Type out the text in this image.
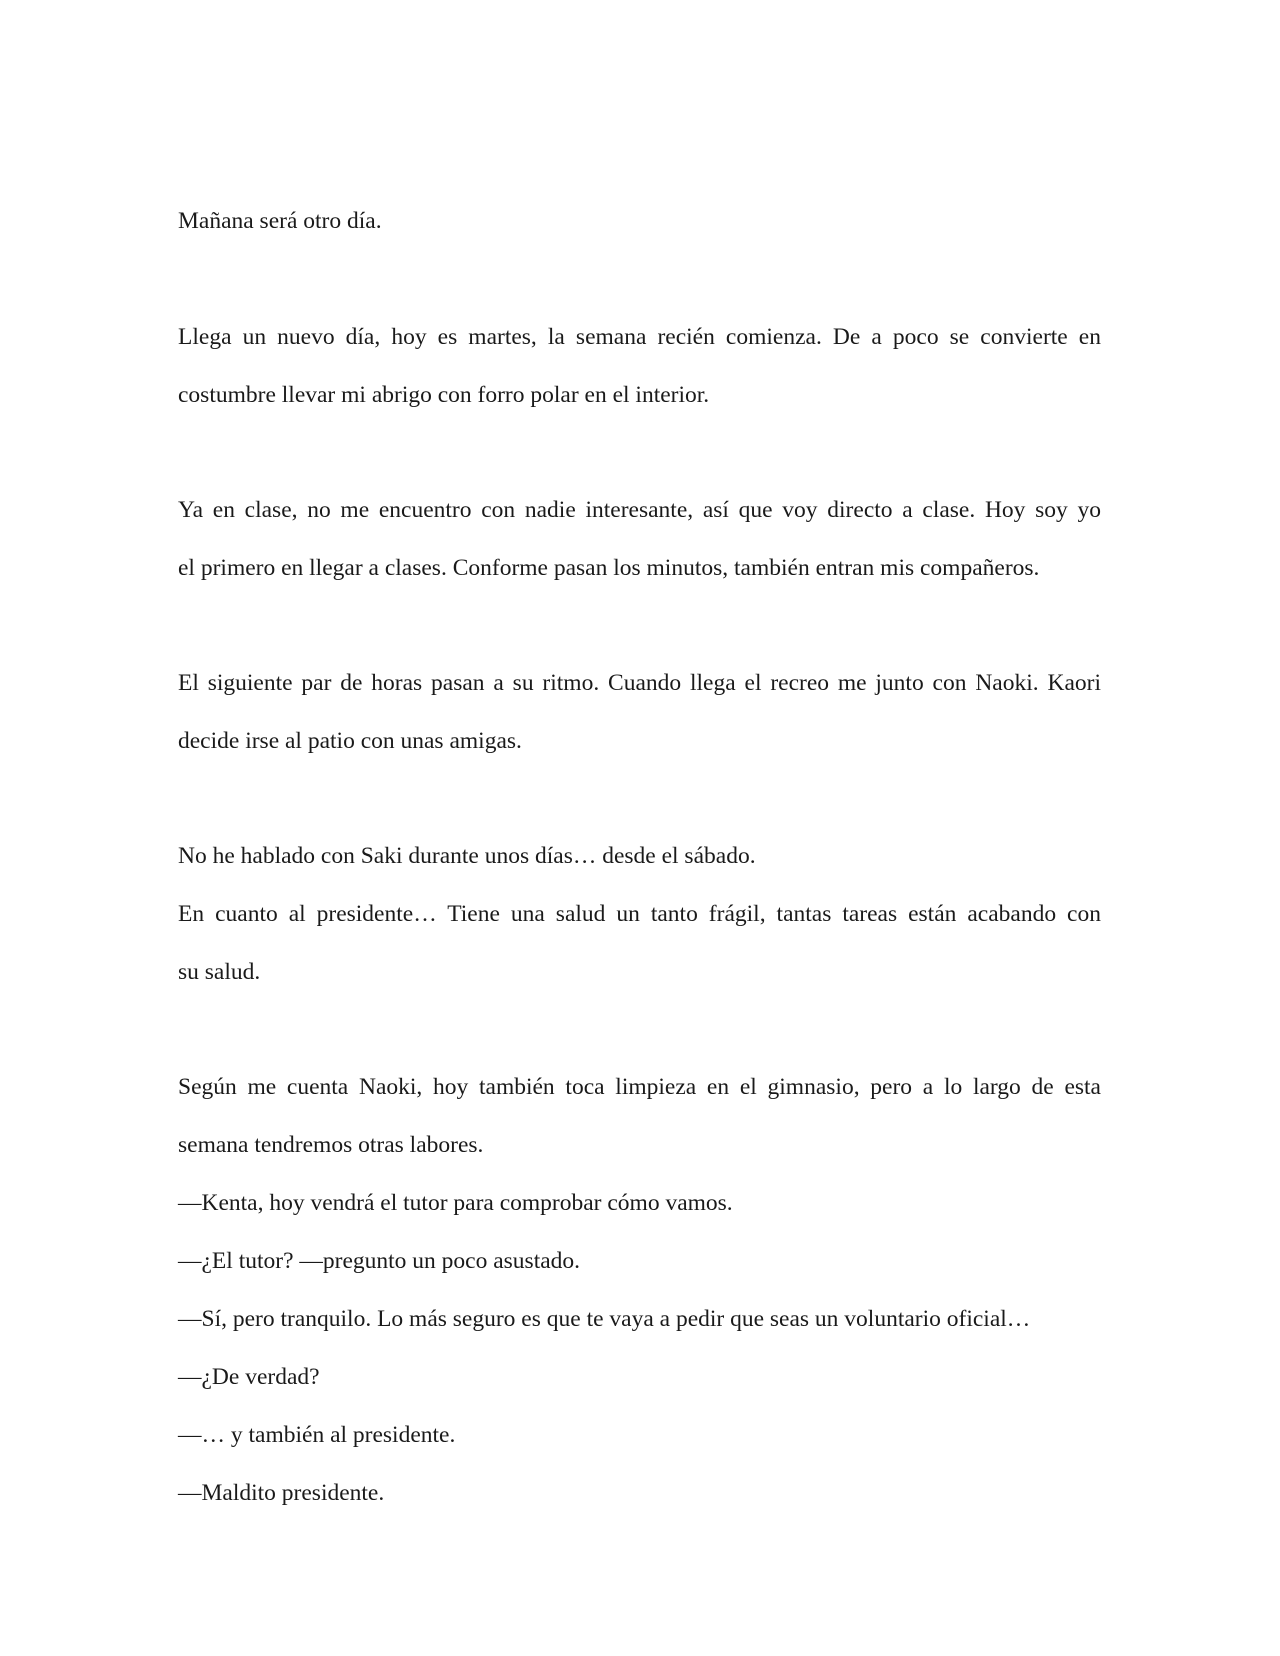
Mañana será otro día.
Llega un nuevo día, hoy es martes, la semana recién comienza. De a poco se convierte en
costumbre llevar mi abrigo con forro polar en el interior.
Ya en clase, no me encuentro con nadie interesante, así que voy directo a clase. Hoy soy yo
el primero en llegar a clases. Conforme pasan los minutos, también entran mis compañeros.
El siguiente par de horas pasan a su ritmo. Cuando llega el recreo me junto con Naoki. Kaori
decide irse al patio con unas amigas.
No he hablado con Saki durante unos días… desde el sábado.
En cuanto al presidente… Tiene una salud un tanto frágil, tantas tareas están acabando con
su salud.
Según me cuenta Naoki, hoy también toca limpieza en el gimnasio, pero a lo largo de esta
semana tendremos otras labores.
—Kenta, hoy vendrá el tutor para comprobar cómo vamos.
—¿El tutor? —pregunto un poco asustado.
—Sí, pero tranquilo. Lo más seguro es que te vaya a pedir que seas un voluntario oficial…
—¿De verdad?
—… y también al presidente.
—Maldito presidente.
